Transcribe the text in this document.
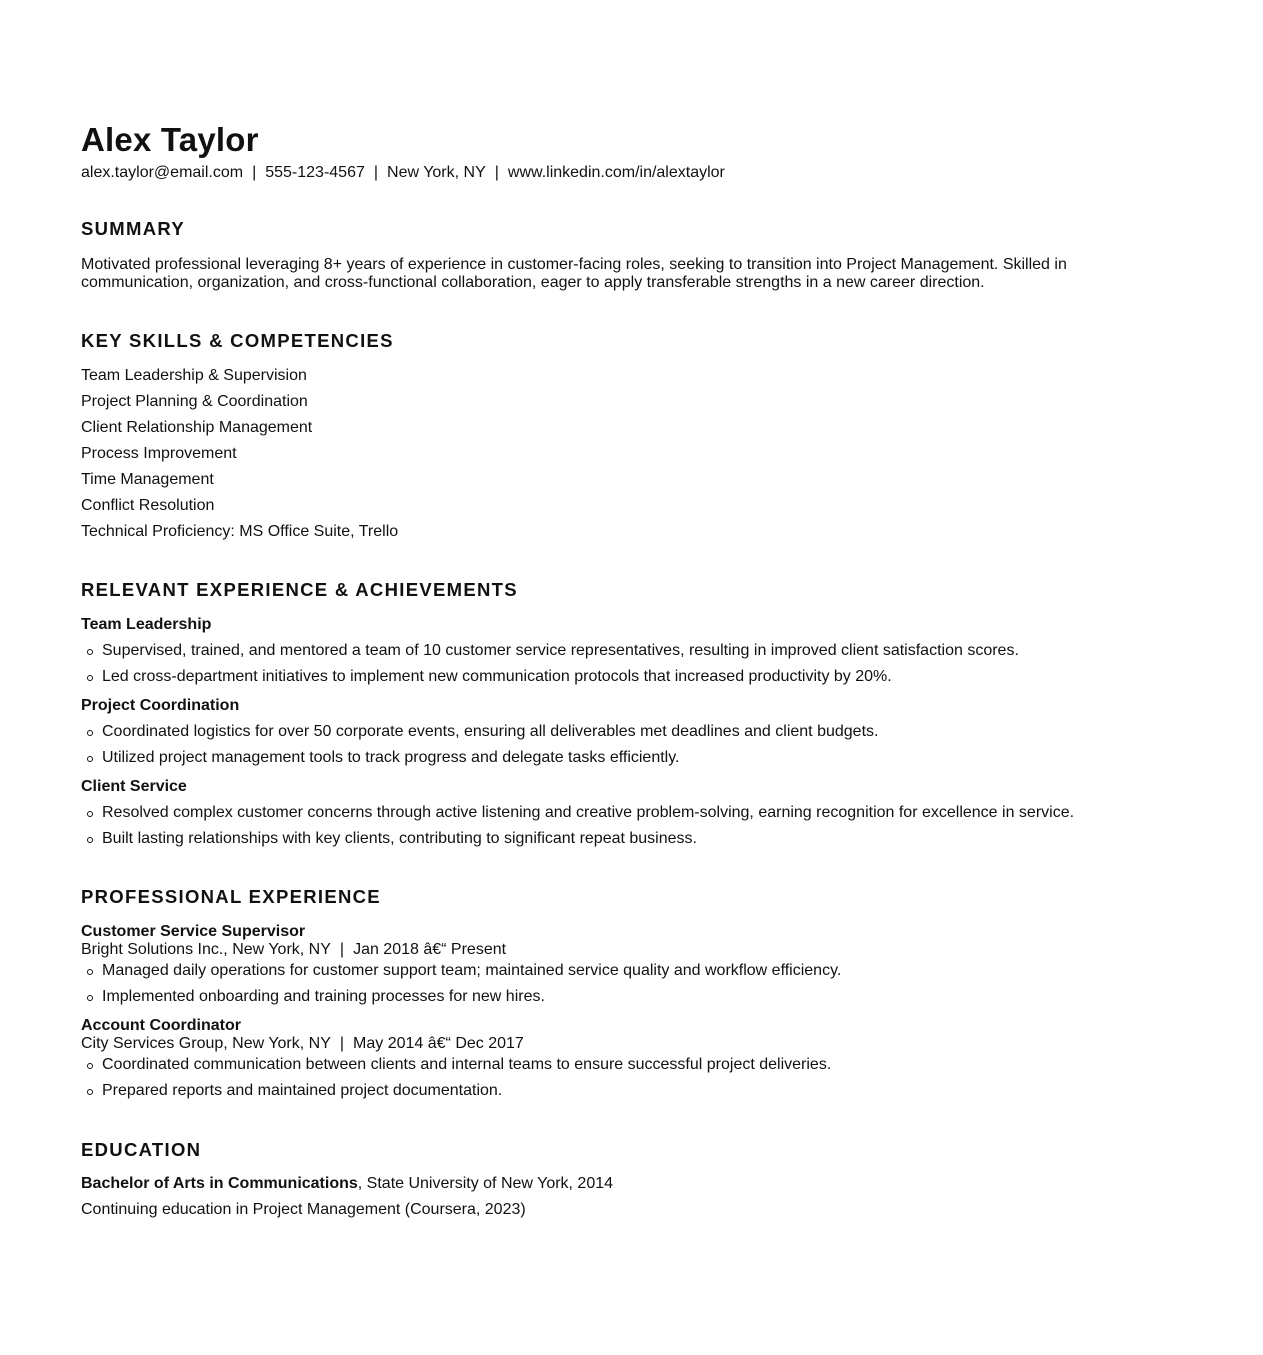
Alex Taylor
alex.taylor@email.com | 555-123-4567 | New York, NY | www.linkedin.com/in/alextaylor
SUMMARY

Motivated professional leveraging 8+ years of experience in customer-facing roles, seeking to transition into Project Management. Skilled in communication, organization, and cross-functional collaboration, eager to apply transferable strengths in a new career direction.

KEY SKILLS & COMPETENCIES
Team Leadership & Supervision
Project Planning & Coordination
Client Relationship Management
Process Improvement
Time Management
Conflict Resolution
Technical Proficiency: MS Office Suite, Trello
RELEVANT EXPERIENCE & ACHIEVEMENTS
Team Leadership
Supervised, trained, and mentored a team of 10 customer service representatives, resulting in improved client satisfaction scores.
Led cross-department initiatives to implement new communication protocols that increased productivity by 20%.
Project Coordination
Coordinated logistics for over 50 corporate events, ensuring all deliverables met deadlines and client budgets.
Utilized project management tools to track progress and delegate tasks efficiently.
Client Service
Resolved complex customer concerns through active listening and creative problem-solving, earning recognition for excellence in service.
Built lasting relationships with key clients, contributing to significant repeat business.
PROFESSIONAL EXPERIENCE
Customer Service Supervisor
Bright Solutions Inc., New York, NY | Jan 2018 â€“ Present
Managed daily operations for customer support team; maintained service quality and workflow efficiency.
Implemented onboarding and training processes for new hires.
Account Coordinator
City Services Group, New York, NY | May 2014 â€“ Dec 2017
Coordinated communication between clients and internal teams to ensure successful project deliveries.
Prepared reports and maintained project documentation.
EDUCATION
Bachelor of Arts in Communications, State University of New York, 2014
Continuing education in Project Management (Coursera, 2023)
